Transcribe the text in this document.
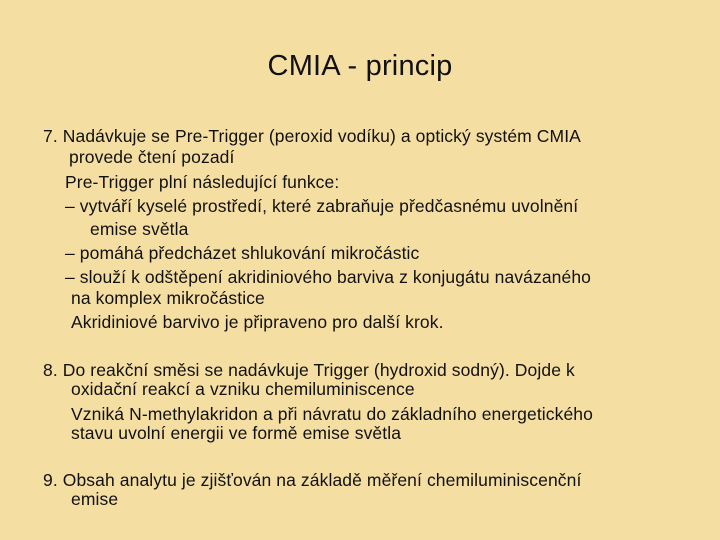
CMIA - princip
7. Nadávkuje se Pre-Trigger (peroxid vodíku) a optický systém CMIA
provede čtení pozadí
Pre-Trigger plní následující funkce:
– vytváří kyselé prostředí, které zabraňuje předčasnému uvolnění
emise světla
– pomáhá předcházet shlukování mikročástic
– slouží k odštěpení akridiniového barviva z konjugátu navázaného
na komplex mikročástice
Akridiniové barvivo je připraveno pro další krok.
8. Do reakční směsi se nadávkuje Trigger (hydroxid sodný). Dojde k
oxidační reakcí a vzniku chemiluminiscence
Vzniká N-methylakridon a při návratu do základního energetického
stavu uvolní energii ve formě emise světla
9. Obsah analytu je zjišťován na základě měření chemiluminiscenční
emise
